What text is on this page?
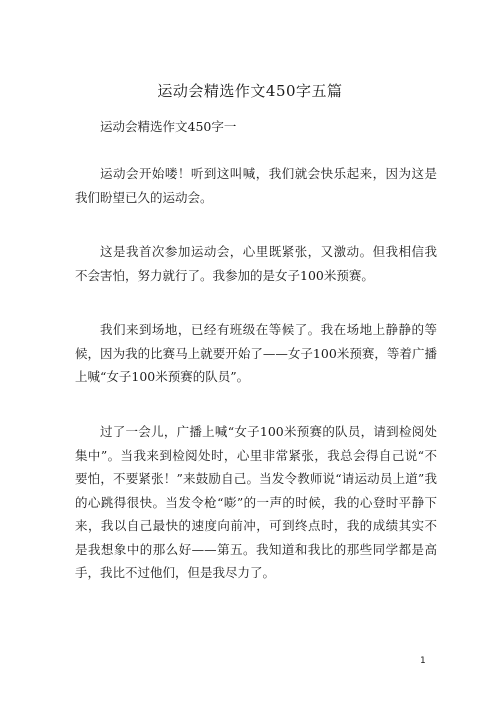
运动会精选作文450字五篇
运动会精选作文450字一

运动会开始喽！听到这叫喊，我们就会快乐起来，因为这是我们盼望已久的运动会。

这是我首次参加运动会，心里既紧张，又激动。但我相信我不会害怕，努力就行了。我参加的是女子100米预赛。

我们来到场地，已经有班级在等候了。我在场地上静静的等候，因为我的比赛马上就要开始了——女子100米预赛，等着广播上喊“女子100米预赛的队员”。

过了一会儿，广播上喊“女子100米预赛的队员，请到检阅处集中”。当我来到检阅处时，心里非常紧张，我总会得自己说“不要怕，不要紧张！”来鼓励自己。当发令教师说“请运动员上道”我的心跳得很快。当发令枪“嘭”的一声的时候，我的心登时平静下来，我以自己最快的速度向前冲，可到终点时，我的成绩其实不是我想象中的那么好——第五。我知道和我比的那些同学都是高手，我比不过他们，但是我尽力了。

1
